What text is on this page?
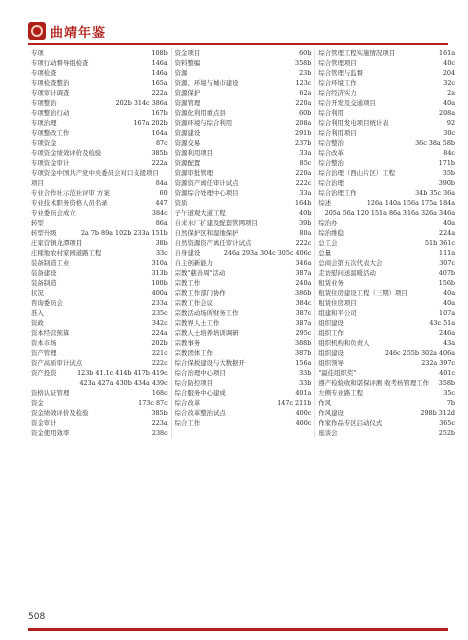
曲靖年鉴
专项	108b
专项行动督导组检查	146a
专项检查	146a
专项检查整治	165a
专项审计调查	222a
专项整治	202b 314c 386a
专项整治行动	167b
专项治理	167a 202b
专项整改工作	164a
专项资金	87c
专项资金绩效评价及检验	385b
专项资金审计	222a
专项资金中国共产党中央委员会对口支援项目
项目	84a
专业合作社示范社评审 方案	60
专业技术职务资格人员名录	447
专业委员会成立	384c
转型	86a
转型升级	2a 7b 89a 102b 233a 151b
庄家营镇龙潭项目	38b
庄稼地农村家园道路工程	33c
装备制造工业	310a
装备建设	313b
装备制造	100b
状况	400a
咨询委员会	233a
准入	235c
资政	342c
资本经营预算	224a
资本市场	202b
资产管理	221c
资产高质审计试点	222c
资产投资	123b 41.1c 414b 417b 419c
423a 427a 430b 434a 439c
资格认证管理	168c
资金	173c 87c
资金绩效评价及检验	385b
资金审计	223a
资金使用效率	238c
资金项目	60b
资料整编	358b
资源	23b
资源、环境与城市建设	123c
资源保护	62a
资源管理	220a
资源化利用重点县	60b
资源环境与综合利用	208a
资源建设	291b
资源交易	237b
资源利用项目	33a
资源配置	85c
资源审批管理	220a
资源资产离任审计试点	222c
资源综合处理中心项目	33a
资质	164b
子午道观大道工程	40b
自来水厂扩建及配套管网项目	39b
自然保护区和湿地保护	80a
自然资源资产离任审计试点	222c
自身建设	246a 293a 304c 305c 406c
自主创新能力	346a
宗教"慈善周"活动	387a
宗教工作	240a
宗教工作部门协作	386b
宗教工作会议	384c
宗教活动场所财务工作	387c
宗教界人士工作	387a
宗教人士培养培训调研	295c
宗教事务	388b
宗教团体工作	387b
综合保税建设与大数据开	156a
综合治理中心项目	33b
综合防控项目	33b
综合服务中心建成	401a
综合改革	147c 211b
综合改革整治试点	400c
综合工作	400c
综合管理工程实施情况项目	161a
综合管理项目	40c
综合管理与监督	204
综合环境工作	32c
综合经济实力	2a
综合开发及交通项目	40a
综合利用	208a
综合利用发电项目统计表	92
综合利用项目	30c
综合整治	36c 38a 58b
综合改革	84c
综合整治	171b
综合治理（西山片区）工程	35b
综合治理	390b
综合治理工作	34b 35c 36a
综述	126a 140a 156a 175a 184a
205a 56a 120 151a 86a 316a 326a 346a
综治办	40a
综治维稳	224a
总工会	51b 361c
总量	111a
总商会第五次代表大会	307c
走访慰问送温暖活动	407b
租赁业务	156b
租赁住房建设工程（三期）项目	40a
租赁住房项目	40a
组建和平公司	107a
组织建设	43c 51a
组织工作	246a
组织机构和负责人	43a
组织建设	246c 255b 302a 406a
组织领导	232a 397c
"最佳组织奖"	401c
遵产检验收和诺保评测 收考核管理工作	358b
左侧专业路工程	35c
作风	7b
作风建设	298b 312d
作家作品专区启动仪式	365c
座谈会	252b
508
